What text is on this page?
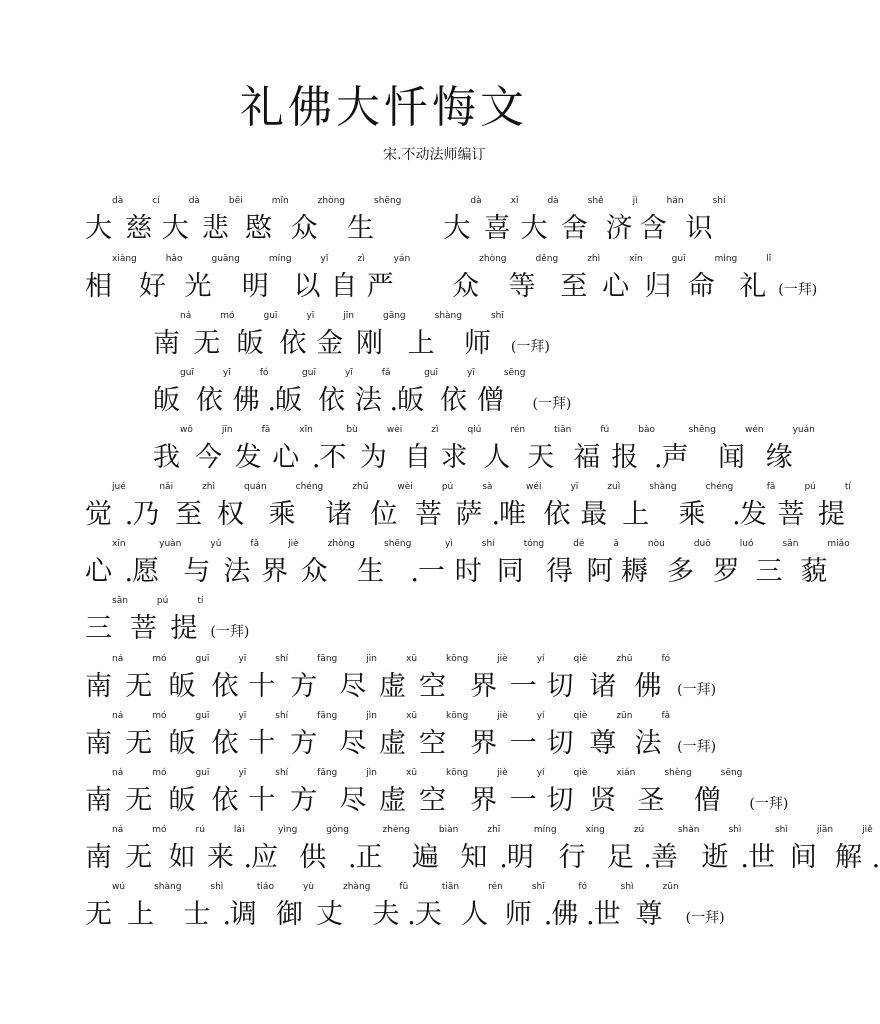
礼佛大忏悔文
宋.不动法师编订
大dà
慈cí
大dà
悲bēi
愍mǐn
众zhòng
生shēng
大dà
喜xǐ
大dà
舍shě
济jì
含hán
识shí
相xiàng
好hǎo
光guāng
明míng
以yǐ
自zì
严yán
众zhòng
等děng
至zhì
心xīn
归guī
命mìng
礼lǐ
(一拜)
南ná
无mó
皈guī
依yī
金jīn
刚gāng
上shàng
师shī
(一拜)
皈guī
依yī
佛fó
. 皈guī
依yī
法fǎ
. 皈guī
依yī
僧sēng
(一拜)
我wǒ
今jīn
发fā
心xīn
. 不bù
为wèi
自zì
求qiú
人rén
天tiān
福fú
报bào
. 声shēng
闻wén
缘yuán
觉jué
. 乃nǎi
至zhì
权quán
乘chéng
诸zhū
位wèi
菩pú
萨sà
. 唯wéi
依yī
最zuì
上shàng
乘chéng
. 发fā
菩pú
提tí
心xīn
. 愿yuàn
与yǔ
法fǎ
界jiè
众zhòng
生shēng
. 一yì
时shí
同tóng
得dé
阿ā
耨nòu
多duō
罗luó
三sān
藐miǎo
三sān
菩pú
提tí
(一拜)
南ná
无mó
皈guī
依yī
十shí
方fāng
尽jìn
虚xū
空kōng
界jiè
一yí
切qiè
诸zhū
佛fó
(一拜)
南ná
无mó
皈guī
依yī
十shí
方fāng
尽jìn
虚xū
空kōng
界jiè
一yí
切qiè
尊zūn
法fǎ
(一拜)
南ná
无mó
皈guī
依yī
十shí
方fāng
尽jìn
虚xū
空kōng
界jiè
一yí
切qiè
贤xián
圣shèng
僧sēng
(一拜)
南ná
无mó
如rú
来lái
. 应yìng
供gòng
. 正zhèng
遍biàn
知zhī
. 明míng
行xíng
足zú
. 善shàn
逝shì
. 世shì
间jiān
解jiě
.
无wú
上shàng
士shì
. 调tiáo
御yù
丈zhàng
夫fū
. 天tiān
人rén
师shī
. 佛fó
. 世shì
尊zūn
(一拜)
